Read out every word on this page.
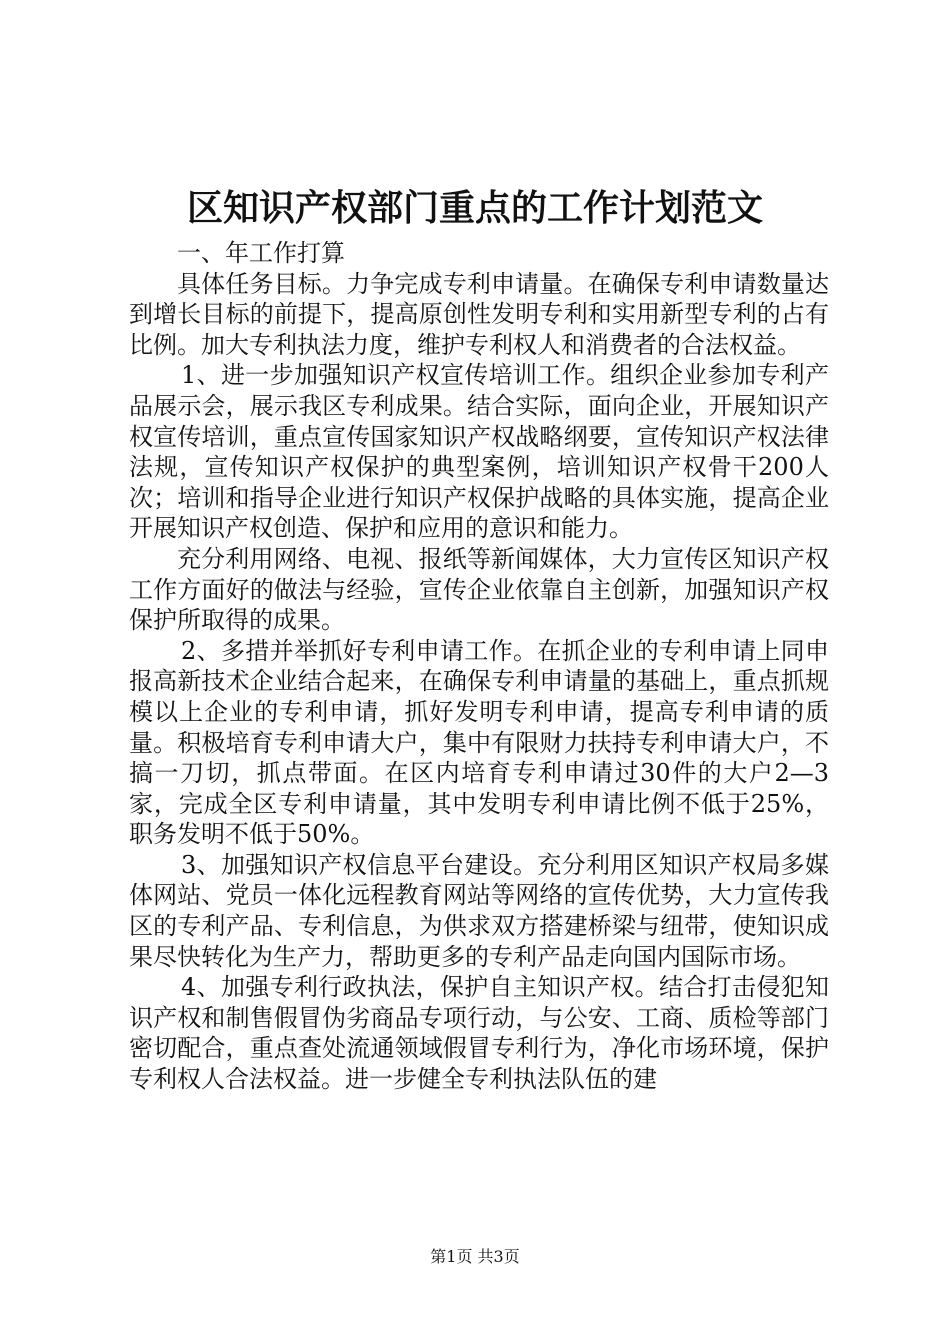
区知识产权部门重点的工作计划范文

一、年工作打算

具体任务目标。力争完成专利申请量。在确保专利申请数量达到增长目标的前提下，提高原创性发明专利和实用新型专利的占有比例。加大专利执法力度，维护专利权人和消费者的合法权益。

1、进一步加强知识产权宣传培训工作。组织企业参加专利产品展示会，展示我区专利成果。结合实际，面向企业，开展知识产权宣传培训，重点宣传国家知识产权战略纲要，宣传知识产权法律法规，宣传知识产权保护的典型案例，培训知识产权骨干200人次；培训和指导企业进行知识产权保护战略的具体实施，提高企业开展知识产权创造、保护和应用的意识和能力。

充分利用网络、电视、报纸等新闻媒体，大力宣传区知识产权工作方面好的做法与经验，宣传企业依靠自主创新，加强知识产权保护所取得的成果。

2、多措并举抓好专利申请工作。在抓企业的专利申请上同申报高新技术企业结合起来，在确保专利申请量的基础上，重点抓规模以上企业的专利申请，抓好发明专利申请，提高专利申请的质量。积极培育专利申请大户，集中有限财力扶持专利申请大户，不搞一刀切，抓点带面。在区内培育专利申请过30件的大户2—3家，完成全区专利申请量，其中发明专利申请比例不低于25%，职务发明不低于50%。

3、加强知识产权信息平台建设。充分利用区知识产权局多媒体网站、党员一体化远程教育网站等网络的宣传优势，大力宣传我区的专利产品、专利信息，为供求双方搭建桥梁与纽带，使知识成果尽快转化为生产力，帮助更多的专利产品走向国内国际市场。

4、加强专利行政执法，保护自主知识产权。结合打击侵犯知识产权和制售假冒伪劣商品专项行动，与公安、工商、质检等部门密切配合，重点查处流通领域假冒专利行为，净化市场环境，保护专利权人合法权益。进一步健全专利执法队伍的建

第1页 共3页
